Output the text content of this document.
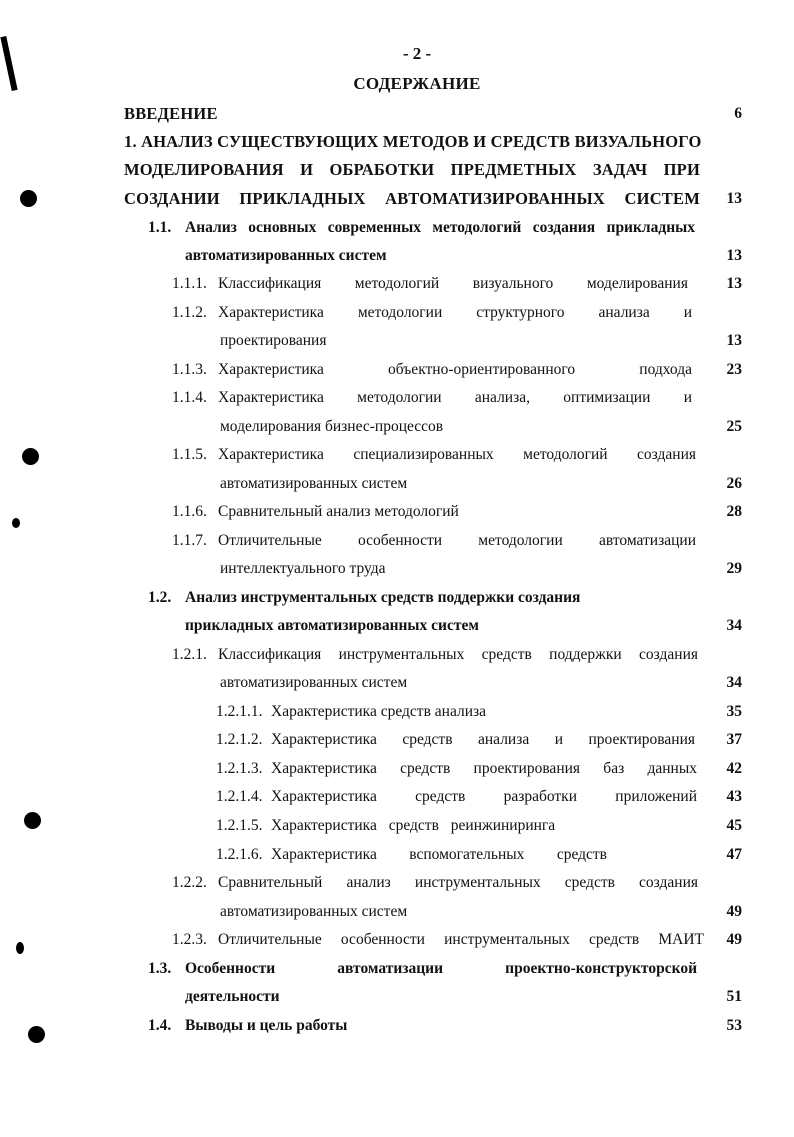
- 2 -
СОДЕРЖАНИЕ
ВВЕДЕНИЕ	6
1. АНАЛИЗ СУЩЕСТВУЮЩИХ МЕТОДОВ И СРЕДСТВ ВИЗУАЛЬНОГО
МОДЕЛИРОВАНИЯ И ОБРАБОТКИ ПРЕДМЕТНЫХ ЗАДАЧ ПРИ
СОЗДАНИИ ПРИКЛАДНЫХ АВТОМАТИЗИРОВАННЫХ СИСТЕМ	13
1.1. Анализ основных современных методологий создания прикладных
автоматизированных систем	13
1.1.1. Классификация методологий визуального моделирования	13
1.1.2. Характеристика методологии структурного анализа и
проектирования	13
1.1.3. Характеристика объектно-ориентированного подхода	23
1.1.4. Характеристика методологии анализа, оптимизации и
моделирования бизнес-процессов	25
1.1.5. Характеристика специализированных методологий создания
автоматизированных систем	26
1.1.6. Сравнительный анализ методологий	28
1.1.7. Отличительные особенности методологии автоматизации
интеллектуального труда	29
1.2. Анализ инструментальных средств поддержки создания
прикладных автоматизированных систем	34
1.2.1. Классификация инструментальных средств поддержки создания
автоматизированных систем	34
1.2.1.1. Характеристика средств анализа	35
1.2.1.2. Характеристика средств анализа и проектирования	37
1.2.1.3. Характеристика средств проектирования баз данных	42
1.2.1.4. Характеристика средств разработки приложений	43
1.2.1.5. Характеристика средств реинжиниринга	45
1.2.1.6. Характеристика вспомогательных средств	47
1.2.2. Сравнительный анализ инструментальных средств создания
автоматизированных систем	49
1.2.3. Отличительные особенности инструментальных средств МАИТ	49
1.3. Особенности автоматизации проектно-конструкторской
деятельности	51
1.4. Выводы и цель работы	53
